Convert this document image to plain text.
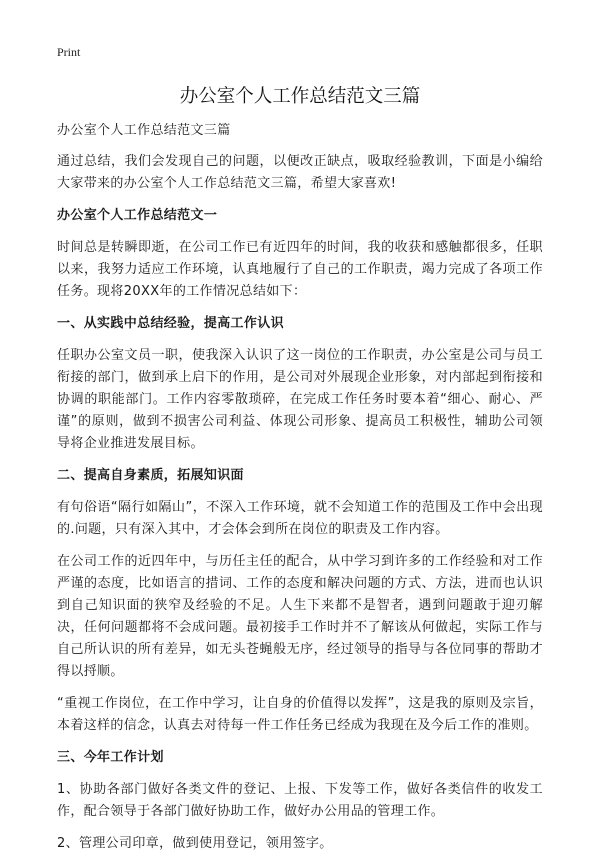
Print
办公室个人工作总结范文三篇

办公室个人工作总结范文三篇

通过总结，我们会发现自己的问题，以便改正缺点，吸取经验教训，下面是小编给大家带来的办公室个人工作总结范文三篇，希望大家喜欢!

办公室个人工作总结范文一

时间总是转瞬即逝，在公司工作已有近四年的时间，我的收获和感触都很多，任职以来，我努力适应工作环境，认真地履行了自己的工作职责，竭力完成了各项工作任务。现将20XX年的工作情况总结如下：

一、从实践中总结经验，提高工作认识

任职办公室文员一职，使我深入认识了这一岗位的工作职责，办公室是公司与员工衔接的部门，做到承上启下的作用，是公司对外展现企业形象，对内部起到衔接和协调的职能部门。工作内容零散琐碎，在完成工作任务时要本着“细心、耐心、严谨”的原则，做到不损害公司利益、体现公司形象、提高员工积极性，辅助公司领导将企业推进发展目标。

二、提高自身素质，拓展知识面

有句俗语“隔行如隔山”，不深入工作环境，就不会知道工作的范围及工作中会出现的.问题，只有深入其中，才会体会到所在岗位的职责及工作内容。

在公司工作的近四年中，与历任主任的配合，从中学习到许多的工作经验和对工作严谨的态度，比如语言的措词、工作的态度和解决问题的方式、方法，进而也认识到自己知识面的狭窄及经验的不足。人生下来都不是智者，遇到问题敢于迎刃解决，任何问题都将不会成问题。最初接手工作时并不了解该从何做起，实际工作与自己所认识的所有差异，如无头苍蝇般无序，经过领导的指导与各位同事的帮助才得以捋顺。

“重视工作岗位，在工作中学习，让自身的价值得以发挥”，这是我的原则及宗旨，本着这样的信念，认真去对待每一件工作任务已经成为我现在及今后工作的准则。

三、今年工作计划

1、协助各部门做好各类文件的登记、上报、下发等工作，做好各类信件的收发工作，配合领导于各部门做好协助工作，做好办公用品的管理工作。

2、管理公司印章，做到使用登记，领用签字。
